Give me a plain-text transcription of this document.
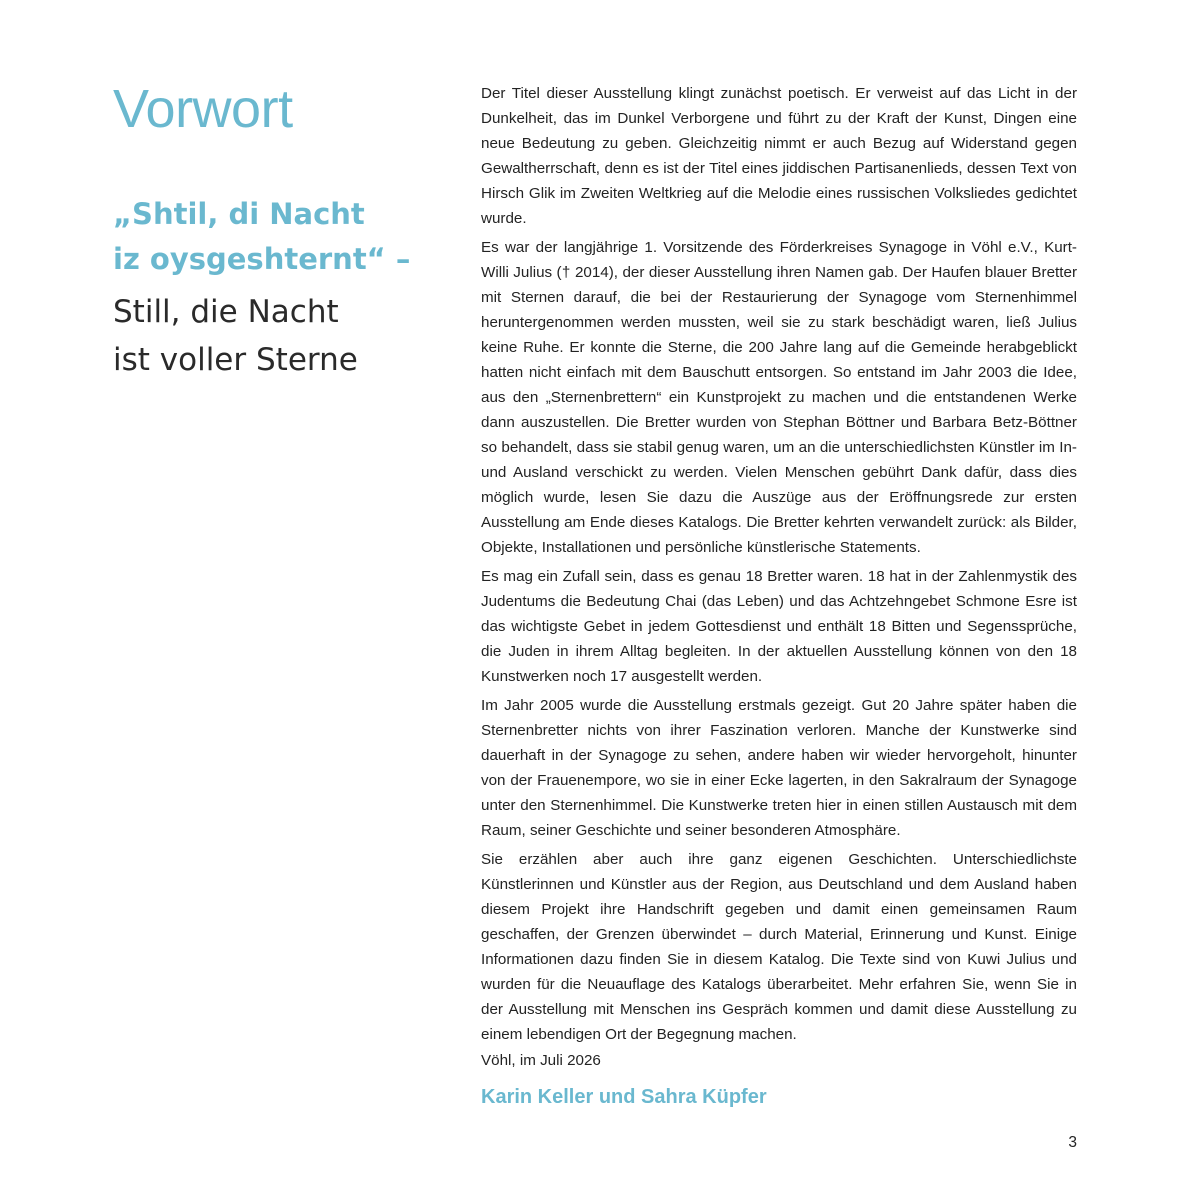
Vorwort
„Shtil, di Nacht
iz oysgeshternt“ –
Still, die Nacht
ist voller Sterne

Der Titel dieser Ausstellung klingt zunächst poetisch. Er verweist auf das Licht in der Dunkelheit, das im Dunkel Verborgene und führt zu der Kraft der Kunst, Dingen eine neue Bedeutung zu geben. Gleichzeitig nimmt er auch Bezug auf Widerstand gegen Gewaltherrschaft, denn es ist der Titel eines jiddischen Partisanenlieds, dessen Text von Hirsch Glik im Zweiten Weltkrieg auf die Melodie eines russischen Volksliedes gedichtet wurde.

Es war der langjährige 1. Vorsitzende des Förderkreises Synagoge in Vöhl e.V., Kurt-Willi Julius († 2014), der dieser Ausstellung ihren Namen gab. Der Haufen blauer Bretter mit Sternen darauf, die bei der Restaurierung der Synagoge vom Sternenhimmel heruntergenommen werden mussten, weil sie zu stark beschädigt waren, ließ Julius keine Ruhe. Er konnte die Sterne, die 200 Jahre lang auf die Gemeinde herabgeblickt hatten nicht einfach mit dem Bauschutt entsorgen. So entstand im Jahr 2003 die Idee, aus den „Sternenbrettern“ ein Kunstprojekt zu machen und die entstandenen Werke dann auszustellen. Die Bretter wurden von Stephan Böttner und Barbara Betz-Böttner so behandelt, dass sie stabil genug waren, um an die unterschiedlichsten Künstler im In- und Ausland verschickt zu werden. Vielen Menschen gebührt Dank dafür, dass dies möglich wurde, lesen Sie dazu die Auszüge aus der Eröffnungsrede zur ersten Ausstellung am Ende dieses Katalogs. Die Bretter kehrten verwandelt zurück: als Bilder, Objekte, Installationen und persönliche künstlerische Statements.

Es mag ein Zufall sein, dass es genau 18 Bretter waren. 18 hat in der Zahlenmystik des Judentums die Bedeutung Chai (das Leben) und das Achtzehngebet Schmone Esre ist das wichtigste Gebet in jedem Gottesdienst und enthält 18 Bitten und Segenssprüche, die Juden in ihrem Alltag begleiten. In der aktuellen Ausstellung können von den 18 Kunstwerken noch 17 ausgestellt werden.

Im Jahr 2005 wurde die Ausstellung erstmals gezeigt. Gut 20 Jahre später haben die Sternenbretter nichts von ihrer Faszination verloren. Manche der Kunstwerke sind dauerhaft in der Synagoge zu sehen, andere haben wir wieder hervorgeholt, hinunter von der Frauenempore, wo sie in einer Ecke lagerten, in den Sakralraum der Synagoge unter den Sternenhimmel. Die Kunstwerke treten hier in einen stillen Austausch mit dem Raum, seiner Geschichte und seiner besonderen Atmosphäre.

Sie erzählen aber auch ihre ganz eigenen Geschichten. Unterschiedlichste Künstlerinnen und Künstler aus der Region, aus Deutschland und dem Ausland haben diesem Projekt ihre Handschrift gegeben und damit einen gemeinsamen Raum geschaffen, der Grenzen überwindet – durch Material, Erinnerung und Kunst. Einige Informationen dazu finden Sie in diesem Katalog. Die Texte sind von Kuwi Julius und wurden für die Neuauflage des Katalogs überarbeitet. Mehr erfahren Sie, wenn Sie in der Ausstellung mit Menschen ins Gespräch kommen und damit diese Ausstellung zu einem lebendigen Ort der Begegnung machen.

Vöhl, im Juli 2026
Karin Keller und Sahra Küpfer
3
